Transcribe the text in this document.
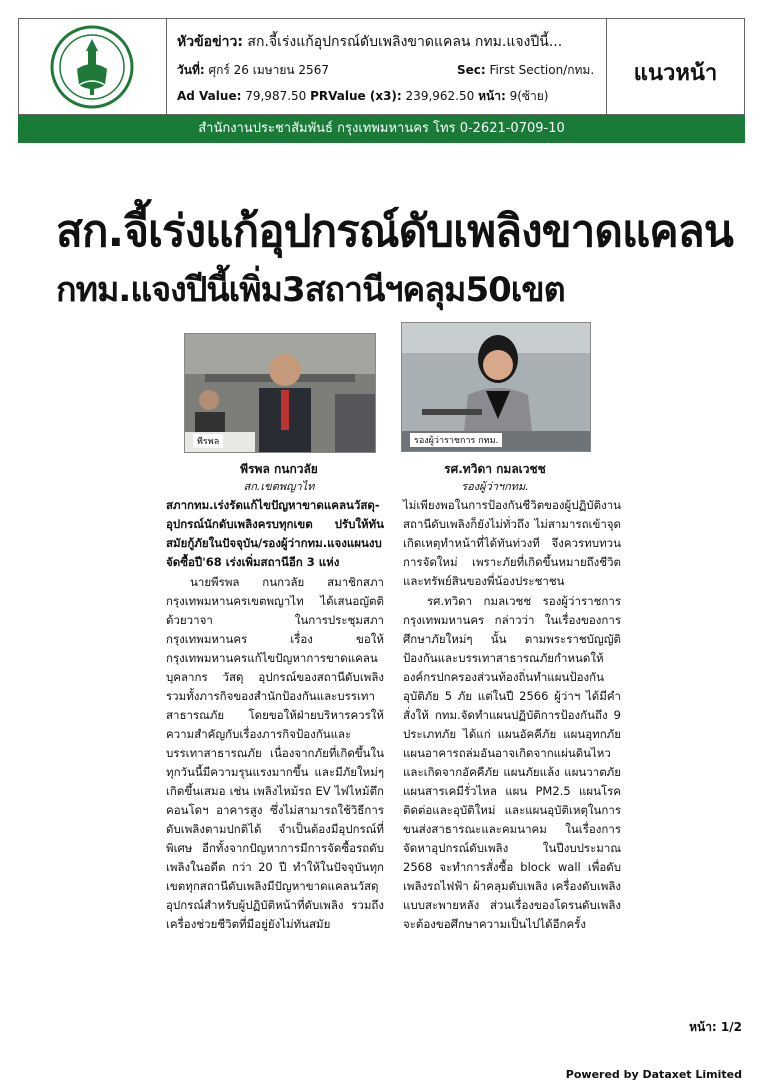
หัวข้อข่าว: สก.จี้เร่งแก้อุปกรณ์ดับเพลิงขาดแคลน กทม.แจงปีนี้...
วันที่: ศุกร์ 26 เมษายน 2567	Sec: First Section/กทม.
Ad Value: 79,987.50 PRValue (x3): 239,962.50 หน้า: 9(ซ้าย)
แนวหน้า
สำนักงานประชาสัมพันธ์ กรุงเทพมหานคร โทร 0-2621-0709-10
สก.จี้เร่งแก้อุปกรณ์ดับเพลิงขาดแคลน
กทม.แจงปีนี้เพิ่ม3สถานีฯคลุม50เขต
พีรพล	รองผู้ว่าราชการ กทม.
พีรพล กนกวลัย
สก.เขตพญาไท
รศ.ทวิดา กมลเวชช
รองผู้ว่าฯกทม.

สภากทม.เร่งรัดแก้ไขปัญหาขาดแคลนวัสดุ-อุปกรณ์นักดับเพลิงครบทุกเขต ปรับให้ทันสมัยกู้ภัยในปัจจุบัน/รองผู้ว่ากทม.แจงแผนงบจัดซื้อปี'68 เร่งเพิ่มสถานีอีก 3 แห่ง

นายพีรพล กนกวลัย สมาชิกสภากรุงเทพมหานครเขตพญาไท ได้เสนอญัตติด้วยวาจา ในการประชุมสภากรุงเทพมหานคร เรื่อง ขอให้กรุงเทพมหานครแก้ไขปัญหาการขาดแคลนบุคลากร วัสดุ อุปกรณ์ของสถานีดับเพลิง รวมทั้งภารกิจของสำนักป้องกันและบรรเทาสาธารณภัย โดยขอให้ฝ่ายบริหารควรให้ความสำคัญกับเรื่องภารกิจป้องกันและบรรเทาสาธารณภัย เนื่องจากภัยที่เกิดขึ้นในทุกวันนี้มีความรุนแรงมากขึ้น และมีภัยใหม่ๆ เกิดขึ้นเสมอ เช่น เพลิงไหม้รถ EV ไฟไหม้ตึก คอนโดฯ อาคารสูง ซึ่งไม่สามารถใช้วิธีการดับเพลิงตามปกติได้ จำเป็นต้องมีอุปกรณ์ที่พิเศษ อีกทั้งจากปัญหาการมีการจัดซื้อรถดับเพลิงในอดีต กว่า 20 ปี ทำให้ในปัจจุบันทุกเขตทุกสถานีดับเพลิงมีปัญหาขาดแคลนวัสดุอุปกรณ์สำหรับผู้ปฏิบัติหน้าที่ดับเพลิง รวมถึงเครื่องช่วยชีวิตที่มีอยู่ยังไม่ทันสมัย

ไม่เพียงพอในการป้องกันชีวิตของผู้ปฏิบัติงาน สถานีดับเพลิงก็ยังไม่ทั่วถึง ไม่สามารถเข้าจุดเกิดเหตุทำหน้าที่ได้ทันท่วงที จึงควรทบทวนการจัดใหม่ เพราะภัยที่เกิดขึ้นหมายถึงชีวิตและทรัพย์สินของพี่น้องประชาชน

รศ.ทวิดา กมลเวชช รองผู้ว่าราชการกรุงเทพมหานคร กล่าวว่า ในเรื่องของการศึกษาภัยใหม่ๆ นั้น ตามพระราชบัญญัติป้องกันและบรรเทาสาธารณภัยกำหนดให้องค์กรปกครองส่วนท้องถิ่นทำแผนป้องกันอุบัติภัย 5 ภัย แต่ในปี 2566 ผู้ว่าฯ ได้มีคำสั่งให้ กทม.จัดทำแผนปฏิบัติการป้องกันถึง 9 ประเภทภัย ได้แก่ แผนอัคคีภัย แผนอุทกภัย แผนอาคารถล่มอันอาจเกิดจากแผ่นดินไหวและเกิดจากอัคคีภัย แผนภัยแล้ง แผนวาตภัย แผนสารเคมีรั่วไหล แผน PM2.5 แผนโรคติดต่อและอุบัติใหม่ และแผนอุบัติเหตุในการขนส่งสาธารณะและคมนาคม ในเรื่องการจัดหาอุปกรณ์ดับเพลิง ในปีงบประมาณ 2568 จะทำการสั่งซื้อ block wall เพื่อดับเพลิงรถไฟฟ้า ผ้าคลุมดับเพลิง เครื่องดับเพลิงแบบสะพายหลัง ส่วนเรื่องของโดรนดับเพลิงจะต้องขอศึกษาความเป็นไปได้อีกครั้ง

หน้า: 1/2
Powered by Dataxet Limited
